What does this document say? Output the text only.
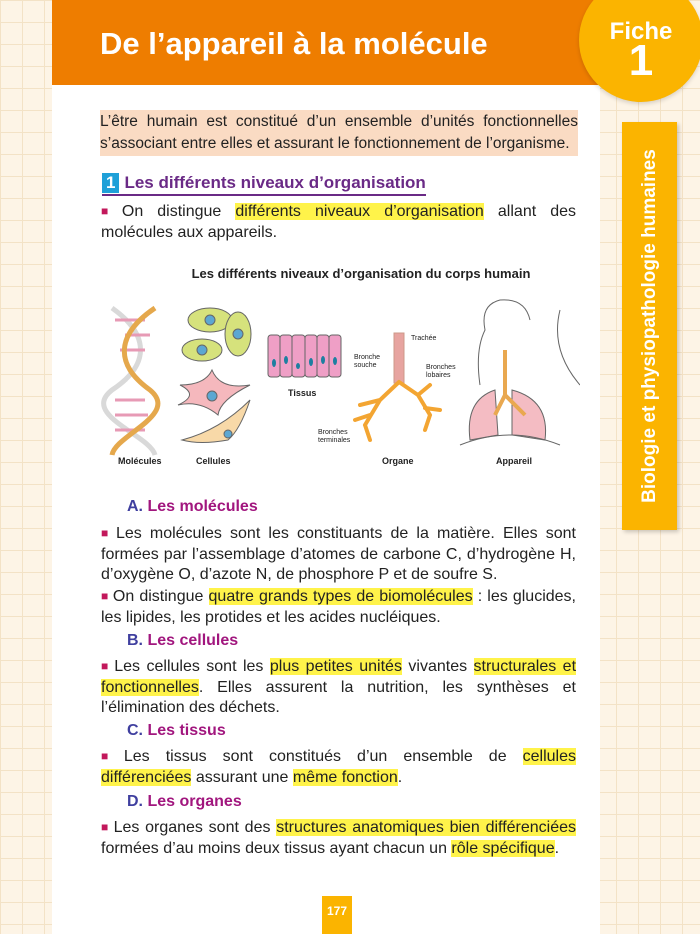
De l’appareil à la molécule	Fiche
1
Biologie et physiopathologie humaines
L’être humain est constitué d’un ensemble d’unités fonctionnelles s’associant entre elles et assurant le fonctionnement de l’organisme.
1 Les différents niveaux d’organisation

■ On distingue différents niveaux d’organisation allant des molécules aux appareils.

Les différents niveaux d’organisation du corps humain
Trachée
Bronche
souche	Bronches
lobaires
Bronches
terminales
Molécules	Cellules
Tissus
Organe	Appareil
A. Les molécules

■ Les molécules sont les constituants de la matière. Elles sont formées par l’assemblage d’atomes de carbone C, d’hydrogène H, d’oxygène O, d’azote N, de phosphore P et de soufre S.

■ On distingue quatre grands types de biomolécules : les glucides, les lipides, les protides et les acides nucléiques.

B. Les cellules

■ Les cellules sont les plus petites unités vivantes structurales et fonctionnelles. Elles assurent la nutrition, les synthèses et l’élimination des déchets.

C. Les tissus

■ Les tissus sont constitués d’un ensemble de cellules différenciées assurant une même fonction.

D. Les organes

■ Les organes sont des structures anatomiques bien différenciées formées d’au moins deux tissus ayant chacun un rôle spécifique.

177
